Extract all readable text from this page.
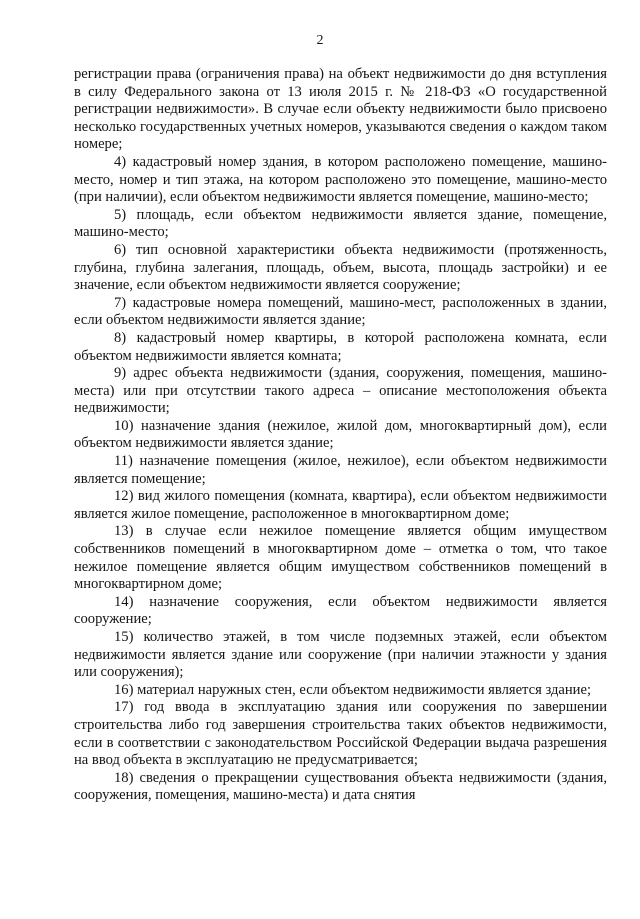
2

регистрации права (ограничения права) на объект недвижимости до дня вступления в силу Федерального закона от 13 июля 2015 г. № 218-ФЗ «О государственной регистрации недвижимости». В случае если объекту недвижимости было присвоено несколько государственных учетных номеров, указываются сведения о каждом таком номере;

4) кадастровый номер здания, в котором расположено помещение, машино-место, номер и тип этажа, на котором расположено это помещение, машино-место (при наличии), если объектом недвижимости является помещение, машино-место;

5) площадь, если объектом недвижимости является здание, помещение, машино-место;

6) тип основной характеристики объекта недвижимости (протяженность, глубина, глубина залегания, площадь, объем, высота, площадь застройки) и ее значение, если объектом недвижимости является сооружение;

7) кадастровые номера помещений, машино-мест, расположенных в здании, если объектом недвижимости является здание;

8) кадастровый номер квартиры, в которой расположена комната, если объектом недвижимости является комната;

9) адрес объекта недвижимости (здания, сооружения, помещения, машино-места) или при отсутствии такого адреса – описание местоположения объекта недвижимости;

10) назначение здания (нежилое, жилой дом, многоквартирный дом), если объектом недвижимости является здание;

11) назначение помещения (жилое, нежилое), если объектом недвижимости является помещение;

12) вид жилого помещения (комната, квартира), если объектом недвижимости является жилое помещение, расположенное в многоквартирном доме;

13) в случае если нежилое помещение является общим имуществом собственников помещений в многоквартирном доме – отметка о том, что такое нежилое помещение является общим имуществом собственников помещений в многоквартирном доме;

14) назначение сооружения, если объектом недвижимости является сооружение;

15) количество этажей, в том числе подземных этажей, если объектом недвижимости является здание или сооружение (при наличии этажности у здания или сооружения);

16) материал наружных стен, если объектом недвижимости является здание;

17) год ввода в эксплуатацию здания или сооружения по завершении строительства либо год завершения строительства таких объектов недвижимости, если в соответствии с законодательством Российской Федерации выдача разрешения на ввод объекта в эксплуатацию не предусматривается;

18) сведения о прекращении существования объекта недвижимости (здания, сооружения, помещения, машино-места) и дата снятия
